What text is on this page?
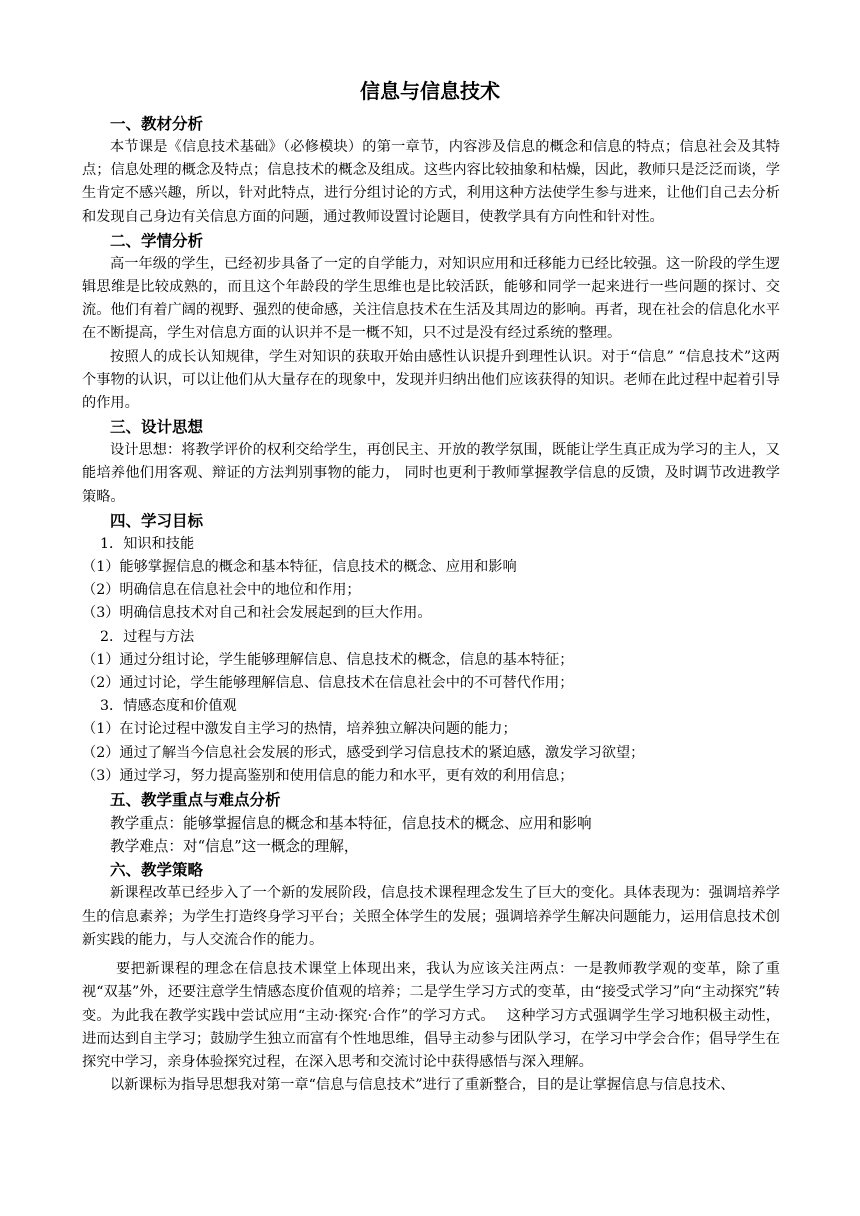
信息与信息技术
一、教材分析

本节课是《信息技术基础》（必修模块）的第一章节，内容涉及信息的概念和信息的特点；信息社会及其特点；信息处理的概念及特点；信息技术的概念及组成。这些内容比较抽象和枯燥，因此，教师只是泛泛而谈，学生肯定不感兴趣，所以，针对此特点，进行分组讨论的方式，利用这种方法使学生参与进来，让他们自己去分析和发现自己身边有关信息方面的问题，通过教师设置讨论题目，使教学具有方向性和针对性。

二、学情分析

高一年级的学生，已经初步具备了一定的自学能力，对知识应用和迁移能力已经比较强。这一阶段的学生逻辑思维是比较成熟的，而且这个年龄段的学生思维也是比较活跃，能够和同学一起来进行一些问题的探讨、交流。他们有着广阔的视野、强烈的使命感，关注信息技术在生活及其周边的影响。再者，现在社会的信息化水平在不断提高，学生对信息方面的认识并不是一概不知，只不过是没有经过系统的整理。

按照人的成长认知规律，学生对知识的获取开始由感性认识提升到理性认识。对于“信息” “信息技术”这两个事物的认识，可以让他们从大量存在的现象中，发现并归纳出他们应该获得的知识。老师在此过程中起着引导的作用。

三、设计思想

设计思想：将教学评价的权利交给学生，再创民主、开放的教学氛围，既能让学生真正成为学习的主人，又能培养他们用客观、辩证的方法判别事物的能力， 同时也更利于教师掌握教学信息的反馈，及时调节改进教学策略。

四、学习目标

1．知识和技能

（1）能够掌握信息的概念和基本特征，信息技术的概念、应用和影响

（2）明确信息在信息社会中的地位和作用；

（3）明确信息技术对自己和社会发展起到的巨大作用。

2．过程与方法

（1）通过分组讨论，学生能够理解信息、信息技术的概念，信息的基本特征；

（2）通过讨论，学生能够理解信息、信息技术在信息社会中的不可替代作用；

3．情感态度和价值观

（1）在讨论过程中激发自主学习的热情，培养独立解决问题的能力；

（2）通过了解当今信息社会发展的形式，感受到学习信息技术的紧迫感，激发学习欲望；

（3）通过学习，努力提高鉴别和使用信息的能力和水平，更有效的利用信息；

五、教学重点与难点分析

教学重点：能够掌握信息的概念和基本特征，信息技术的概念、应用和影响

教学难点：对“信息”这一概念的理解，

六、教学策略

新课程改革已经步入了一个新的发展阶段，信息技术课程理念发生了巨大的变化。具体表现为：强调培养学生的信息素养；为学生打造终身学习平台；关照全体学生的发展；强调培养学生解决问题能力，运用信息技术创新实践的能力，与人交流合作的能力。

要把新课程的理念在信息技术课堂上体现出来，我认为应该关注两点：一是教师教学观的变革，除了重视“双基”外，还要注意学生情感态度价值观的培养；二是学生学习方式的变革，由“接受式学习”向“主动探究”转变。为此我在教学实践中尝试应用“主动·探究·合作”的学习方式。　 这种学习方式强调学生学习地积极主动性，进而达到自主学习；鼓励学生独立而富有个性地思维，倡导主动参与团队学习，在学习中学会合作；倡导学生在探究中学习，亲身体验探究过程，在深入思考和交流讨论中获得感悟与深入理解。

以新课标为指导思想我对第一章“信息与信息技术”进行了重新整合，目的是让掌握信息与信息技术、
